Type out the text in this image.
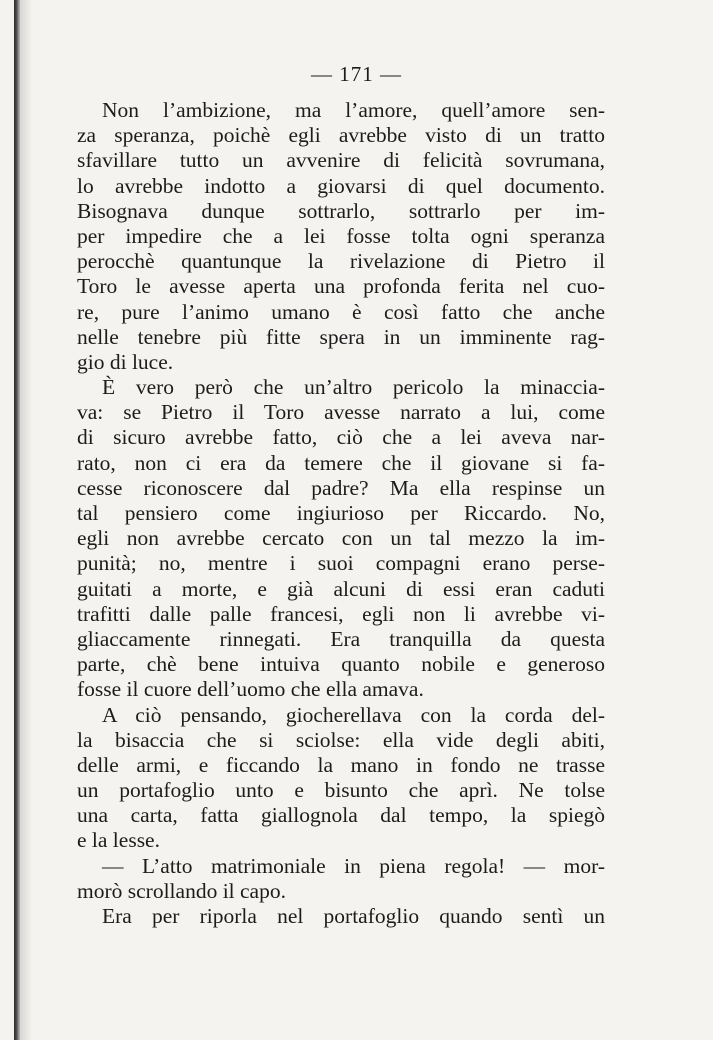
— 171 —
Non l’ambizione, ma l’amore, quell’amore sen-
za speranza, poichè egli avrebbe visto di un tratto
sfavillare tutto un avvenire di felicità sovrumana,
lo avrebbe indotto a giovarsi di quel documento.
Bisognava dunque sottrarlo, sottrarlo per im-
per impedire che a lei fosse tolta ogni speranza
perocchè quantunque la rivelazione di Pietro il
Toro le avesse aperta una profonda ferita nel cuo-
re, pure l’animo umano è così fatto che anche
nelle tenebre più fitte spera in un imminente rag-
gio di luce.
È vero però che un’altro pericolo la minaccia-
va: se Pietro il Toro avesse narrato a lui, come
di sicuro avrebbe fatto, ciò che a lei aveva nar-
rato, non ci era da temere che il giovane si fa-
cesse riconoscere dal padre? Ma ella respinse un
tal pensiero come ingiurioso per Riccardo. No,
egli non avrebbe cercato con un tal mezzo la im-
punità; no, mentre i suoi compagni erano perse-
guitati a morte, e già alcuni di essi eran caduti
trafitti dalle palle francesi, egli non li avrebbe vi-
gliaccamente rinnegati. Era tranquilla da questa
parte, chè bene intuiva quanto nobile e generoso
fosse il cuore dell’uomo che ella amava.
A ciò pensando, giocherellava con la corda del-
la bisaccia che si sciolse: ella vide degli abiti,
delle armi, e ficcando la mano in fondo ne trasse
un portafoglio unto e bisunto che aprì. Ne tolse
una carta, fatta giallognola dal tempo, la spiegò
e la lesse.
— L’atto matrimoniale in piena regola! — mor-
morò scrollando il capo.
Era per riporla nel portafoglio quando sentì un
